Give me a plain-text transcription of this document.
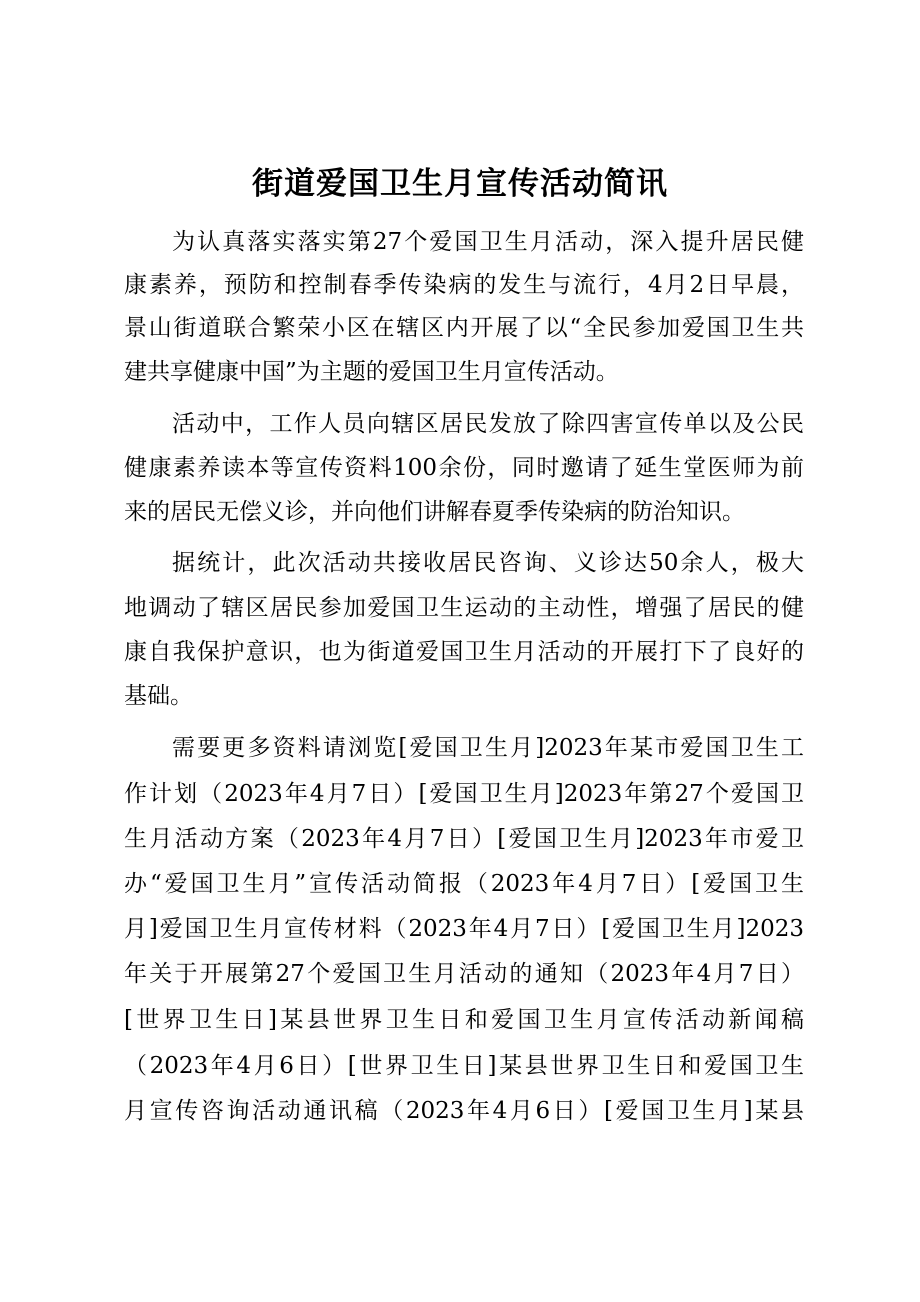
街道爱国卫生月宣传活动简讯
为认真落实落实第27个爱国卫生月活动，深入提升居民健
康素养，预防和控制春季传染病的发生与流行，4月2日早晨，
景山街道联合繁荣小区在辖区内开展了以“全民参加爱国卫生共
建共享健康中国”为主题的爱国卫生月宣传活动。
活动中，工作人员向辖区居民发放了除四害宣传单以及公民
健康素养读本等宣传资料100余份，同时邀请了延生堂医师为前
来的居民无偿义诊，并向他们讲解春夏季传染病的防治知识。
据统计，此次活动共接收居民咨询、义诊达50余人，极大
地调动了辖区居民参加爱国卫生运动的主动性，增强了居民的健
康自我保护意识，也为街道爱国卫生月活动的开展打下了良好的
基础。
需要更多资料请浏览[爱国卫生月]2023年某市爱国卫生工
作计划（2023年4月7日）[爱国卫生月]2023年第27个爱国卫
生月活动方案（2023年4月7日）[爱国卫生月]2023年市爱卫
办“爱国卫生月”宣传活动简报（2023年4月7日）[爱国卫生
月]爱国卫生月宣传材料（2023年4月7日）[爱国卫生月]2023
年关于开展第27个爱国卫生月活动的通知（2023年4月7日）
[世界卫生日]某县世界卫生日和爱国卫生月宣传活动新闻稿
（2023年4月6日）[世界卫生日]某县世界卫生日和爱国卫生
月宣传咨询活动通讯稿（2023年4月6日）[爱国卫生月]某县
